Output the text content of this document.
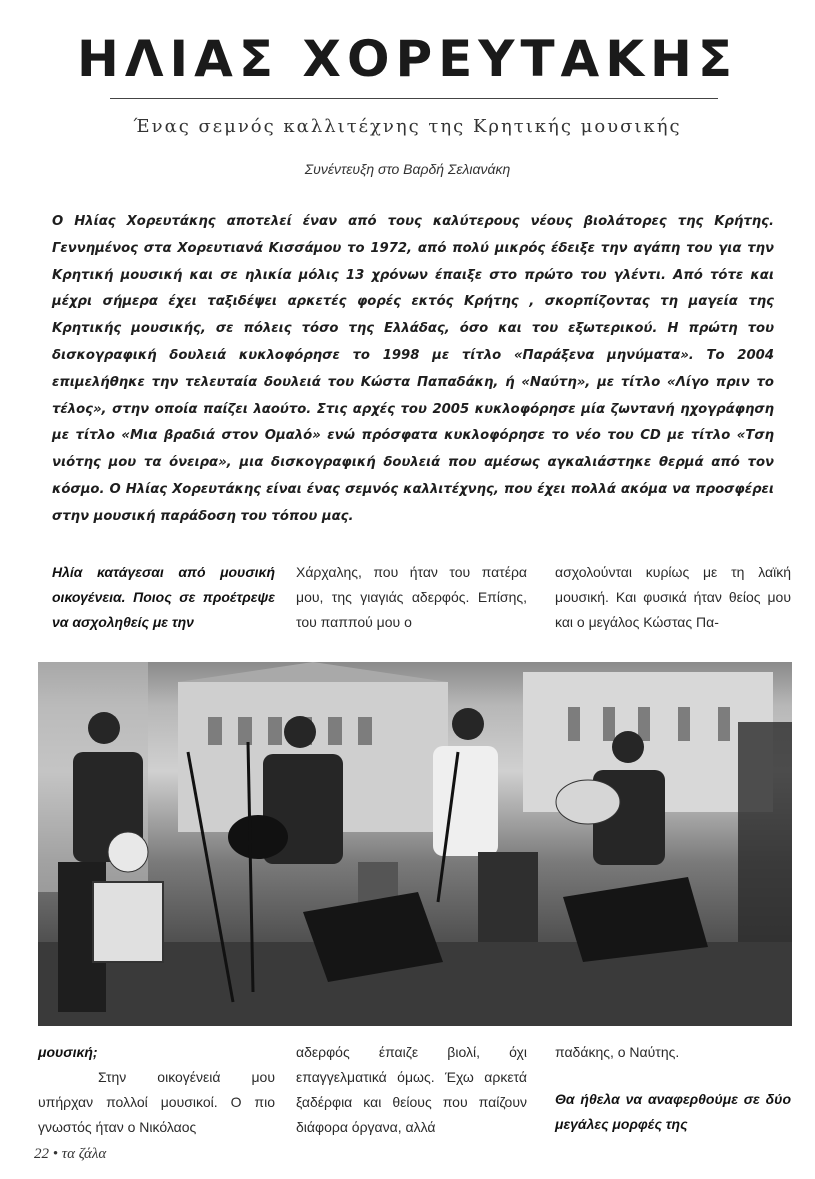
ΗΛΙΑΣ ΧΟΡΕΥΤΑΚΗΣ
Ένας σεμνός καλλιτέχνης της Κρητικής μουσικής
Συνέντευξη στο Βαρδή Σελιανάκη
Ο Ηλίας Χορευτάκης αποτελεί έναν από τους καλύτερους νέους βιολάτορες της Κρήτης. Γεννημένος στα Χορευτιανά Κισσάμου το 1972, από πολύ μικρός έδειξε την αγάπη του για την Κρητική μουσική και σε ηλικία μόλις 13 χρόνων έπαιξε στο πρώτο του γλέντι. Από τότε και μέχρι σήμερα έχει ταξιδέψει αρκετές φορές εκτός Κρήτης , σκορπίζοντας τη μαγεία της Κρητικής μουσικής, σε πόλεις τόσο της Ελλάδας, όσο και του εξωτερικού. Η πρώτη του δισκογραφική δουλειά κυκλοφόρησε το 1998 με τίτλο «Παράξενα μηνύματα». Το 2004 επιμελήθηκε την τελευταία δουλειά του Κώστα Παπαδάκη, ή «Ναύτη», με τίτλο «Λίγο πριν το τέλος», στην οποία παίζει λαούτο. Στις αρχές του 2005 κυκλοφόρησε μία ζωντανή ηχογράφηση με τίτλο «Μια βραδιά στον Ομαλό» ενώ πρόσφατα κυκλοφόρησε το νέο του CD με τίτλο «Τση νιότης μου τα όνειρα», μια δισκογραφική δουλειά που αμέσως αγκαλιάστηκε θερμά από τον κόσμο. Ο Ηλίας Χορευτάκης είναι ένας σεμνός καλλιτέχνης, που έχει πολλά ακόμα να προσφέρει στην μουσική παράδοση του τόπου μας.
Ηλία κατάγεσαι από μουσική οικογένεια. Ποιος σε προέτρεψε να ασχοληθείς με την
Χάρχαλης, που ήταν του πατέρα μου, της γιαγιάς αδερφός. Επίσης, του παππού μου ο
ασχολούνται κυρίως με τη λαϊκή μουσική. Και φυσικά ήταν θείος μου και ο μεγάλος Κώστας Πα-
μουσική;
Στην οικογένειά μου υπήρχαν πολλοί μουσικοί. Ο πιο γνωστός ήταν ο Νικόλαος
αδερφός έπαιζε βιολί, όχι επαγγελματικά όμως. Έχω αρκετά ξαδέρφια και θείους που παίζουν διάφορα όργανα, αλλά
παδάκης, ο Ναύτης.
Θα ήθελα να αναφερθούμε σε δύο μεγάλες μορφές της
22 • τα ζάλα
